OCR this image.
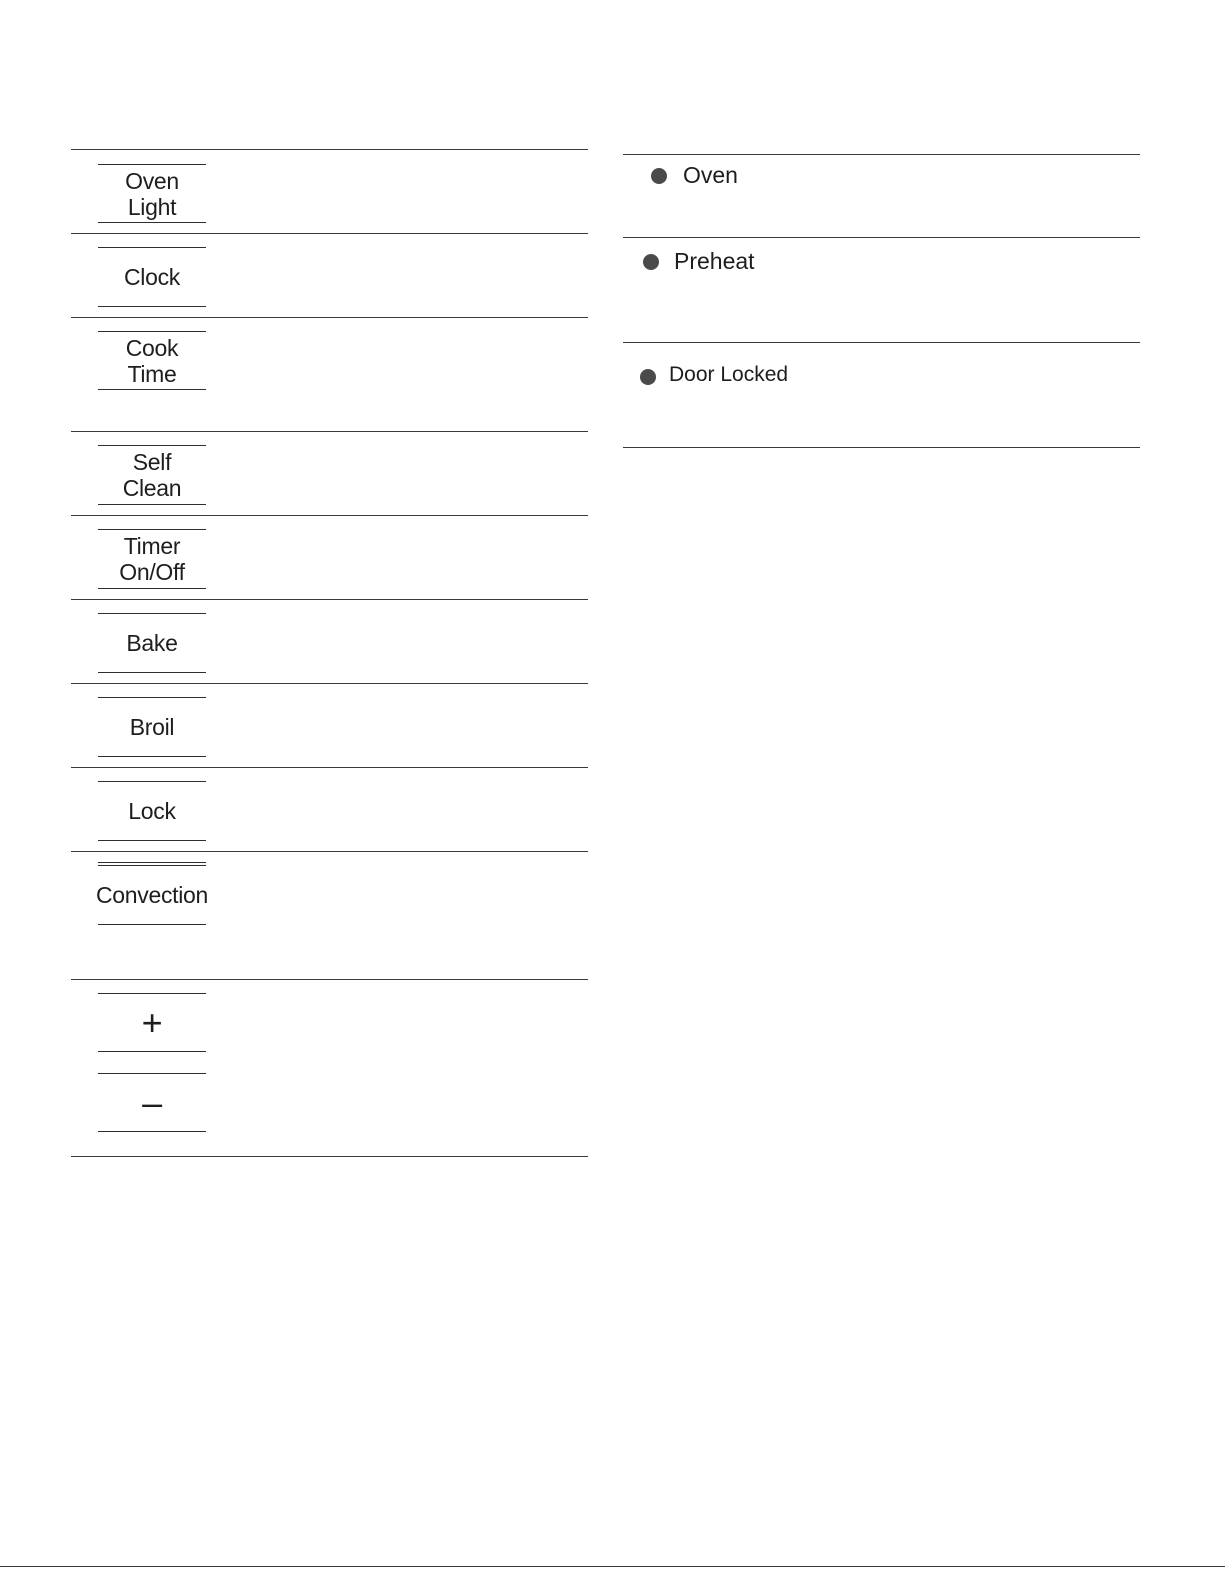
Oven
Light
Clock
Cook
Time
Self
Clean
Timer
On/Off
Bake
Broil
Lock
Convection
+
–
Oven
Preheat
Door Locked
